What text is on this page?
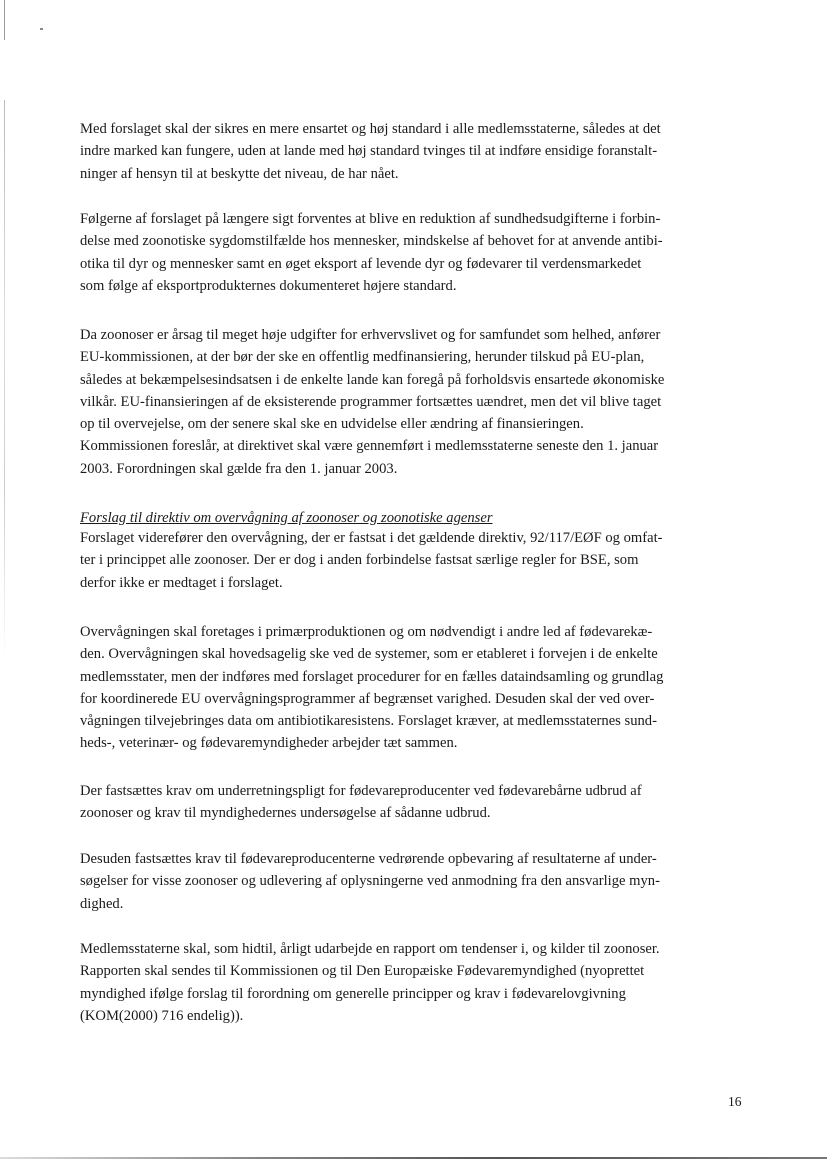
Med forslaget skal der sikres en mere ensartet og høj standard i alle medlemsstaterne, således at det
indre marked kan fungere, uden at lande med høj standard tvinges til at indføre ensidige foranstalt-
ninger af hensyn til at beskytte det niveau, de har nået.

Følgerne af forslaget på længere sigt forventes at blive en reduktion af sundhedsudgifterne i forbin-
delse med zoonotiske sygdomstilfælde hos mennesker, mindskelse af behovet for at anvende antibi-
otika til dyr og mennesker samt en øget eksport af levende dyr og fødevarer til verdensmarkedet
som følge af eksportprodukternes dokumenteret højere standard.

Da zoonoser er årsag til meget høje udgifter for erhvervslivet og for samfundet som helhed, anfører
EU-kommissionen, at der bør der ske en offentlig medfinansiering, herunder tilskud på EU-plan,
således at bekæmpelsesindsatsen i de enkelte lande kan foregå på forholdsvis ensartede økonomiske
vilkår. EU-finansieringen af de eksisterende programmer fortsættes uændret, men det vil blive taget
op til overvejelse, om der senere skal ske en udvidelse eller ændring af finansieringen.
Kommissionen foreslår, at direktivet skal være gennemført i medlemsstaterne seneste den 1. januar
2003. Forordningen skal gælde fra den 1. januar 2003.

Forslag til direktiv om overvågning af zoonoser og zoonotiske agenser

Forslaget viderefører den overvågning, der er fastsat i det gældende direktiv, 92/117/EØF og omfat-
ter i princippet alle zoonoser. Der er dog i anden forbindelse fastsat særlige regler for BSE, som
derfor ikke er medtaget i forslaget.

Overvågningen skal foretages i primærproduktionen og om nødvendigt i andre led af fødevarekæ-
den. Overvågningen skal hovedsagelig ske ved de systemer, som er etableret i forvejen i de enkelte
medlemsstater, men der indføres med forslaget procedurer for en fælles dataindsamling og grundlag
for koordinerede EU overvågningsprogrammer af begrænset varighed. Desuden skal der ved over-
vågningen tilvejebringes data om antibiotikaresistens. Forslaget kræver, at medlemsstaternes sund-
heds-, veterinær- og fødevaremyndigheder arbejder tæt sammen.

Der fastsættes krav om underretningspligt for fødevareproducenter ved fødevarebårne udbrud af
zoonoser og krav til myndighedernes undersøgelse af sådanne udbrud.

Desuden fastsættes krav til fødevareproducenterne vedrørende opbevaring af resultaterne af under-
søgelser for visse zoonoser og udlevering af oplysningerne ved anmodning fra den ansvarlige myn-
dighed.

Medlemsstaterne skal, som hidtil, årligt udarbejde en rapport om tendenser i, og kilder til zoonoser.
Rapporten skal sendes til Kommissionen og til Den Europæiske Fødevaremyndighed (nyoprettet
myndighed ifølge forslag til forordning om generelle principper og krav i fødevarelovgivning
(KOM(2000) 716 endelig)).

16
